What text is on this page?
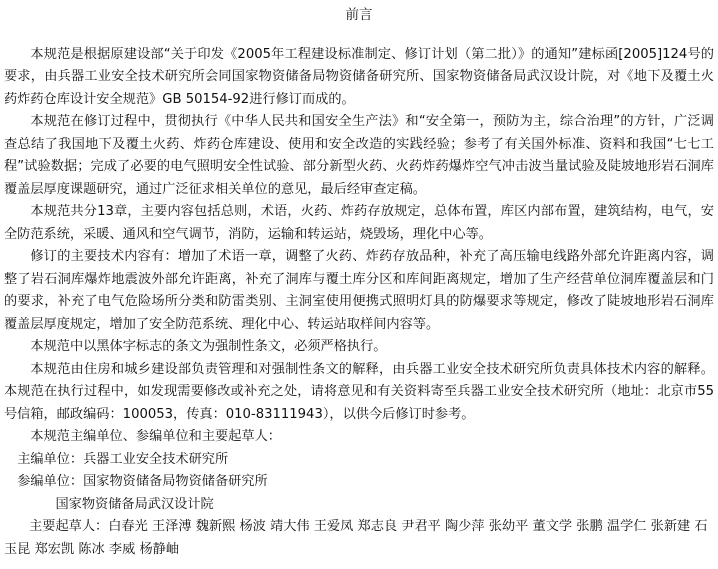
前言

本规范是根据原建设部“关于印发《2005年工程建设标准制定、修订计划（第二批）》的通知”建标函[2005]124号的要求，由兵器工业安全技术研究所会同国家物资储备局物资储备研究所、国家物资储备局武汉设计院，对《地下及覆土火药炸药仓库设计安全规范》GB 50154-92进行修订而成的。

本规范在修订过程中，贯彻执行《中华人民共和国安全生产法》和“安全第一，预防为主，综合治理”的方针，广泛调查总结了我国地下及覆土火药、炸药仓库建设、使用和安全改造的实践经验；参考了有关国外标准、资料和我国“七七工程”试验数据；完成了必要的电气照明安全性试验、部分新型火药、火药炸药爆炸空气冲击波当量试验及陡坡地形岩石洞库覆盖层厚度课题研究，通过广泛征求相关单位的意见，最后经审查定稿。

本规范共分13章，主要内容包括总则，术语，火药、炸药存放规定，总体布置，库区内部布置，建筑结构，电气，安全防范系统，采暖、通风和空气调节，消防，运输和转运站，烧毁场，理化中心等。

修订的主要技术内容有：增加了术语一章，调整了火药、炸药存放品种，补充了高压输电线路外部允许距离内容，调整了岩石洞库爆炸地震波外部允许距离，补充了洞库与覆土库分区和库间距离规定，增加了生产经营单位洞库覆盖层和门的要求，补充了电气危险场所分类和防雷类别、主洞室使用便携式照明灯具的防爆要求等规定，修改了陡坡地形岩石洞库覆盖层厚度规定，增加了安全防范系统、理化中心、转运站取样间内容等。

本规范中以黑体字标志的条文为强制性条文，必须严格执行。

本规范由住房和城乡建设部负责管理和对强制性条文的解释，由兵器工业安全技术研究所负责具体技术内容的解释。本规范在执行过程中，如发现需要修改或补充之处，请将意见和有关资料寄至兵器工业安全技术研究所（地址：北京市55号信箱，邮政编码：100053，传真：010-83111943），以供今后修订时参考。

本规范主编单位、参编单位和主要起草人：

主编单位：兵器工业安全技术研究所

参编单位：国家物资储备局物资储备研究所

国家物资储备局武汉设计院

主要起草人：白春光 王泽溥 魏新熙 杨波 靖大伟 王爱凤 郑志良 尹君平 陶少萍 张幼平 董文学 张鹏 温学仁 张新建 石玉昆 郑宏凯 陈冰 李威 杨静岫
